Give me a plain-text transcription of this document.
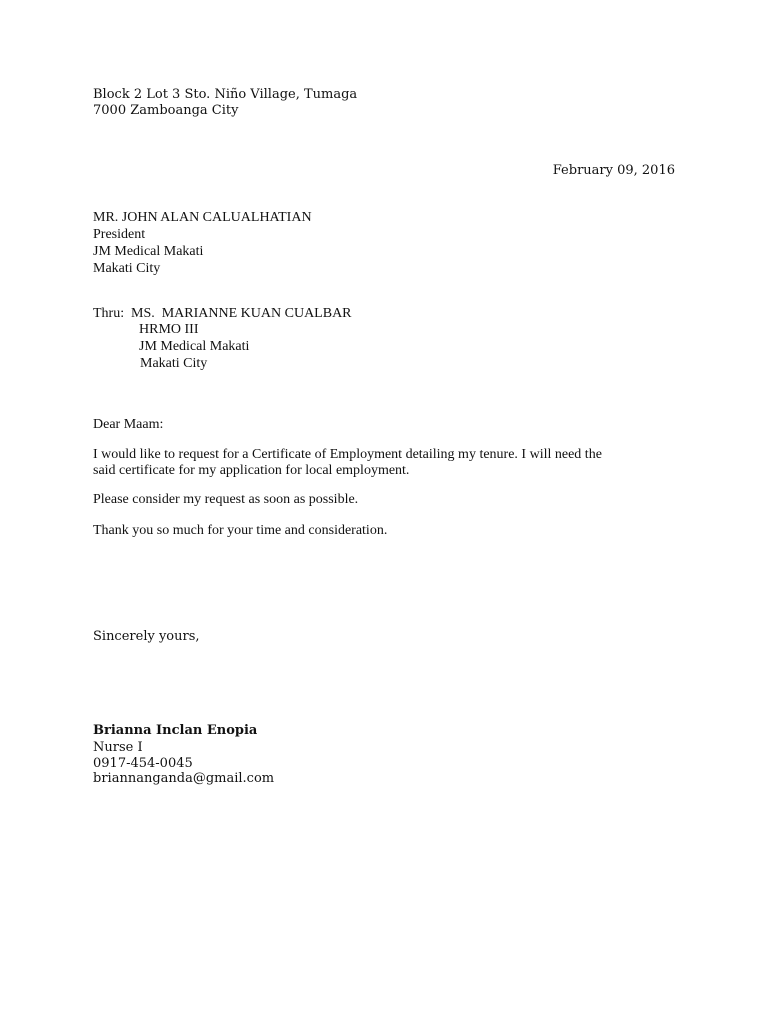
Block 2 Lot 3 Sto. Niño Village, Tumaga
7000 Zamboanga City
February 09, 2016
MR. JOHN ALAN CALUALHATIAN
President
JM Medical Makati
Makati City
Thru: MS.  MARIANNE KUAN CUALBAR
HRMO III
JM Medical Makati
Makati City
Dear Maam:
I would like to request for a Certificate of Employment detailing my tenure. I will need the
said certificate for my application for local employment.
Please consider my request as soon as possible.
Thank you so much for your time and consideration.
Sincerely yours,
Brianna Inclan Enopia
Nurse I
0917-454-0045
briannanganda@gmail.com
